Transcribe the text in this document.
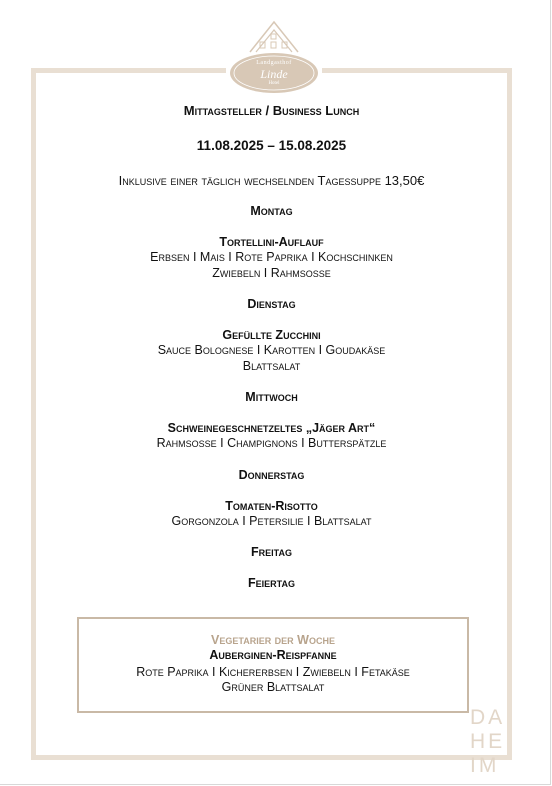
Landgasthof
Linde
Hotel
Mittagsteller / Business Lunch
11.08.2025 – 15.08.2025
Inklusive einer täglich wechselnden Tagessuppe 13,50€
Montag
Tortellini-Auflauf
Erbsen I Mais I Rote Paprika I Kochschinken
Zwiebeln I Rahmsoße
Dienstag
Gefüllte Zucchini
Sauce Bolognese I Karotten I Goudakäse
Blattsalat
Mittwoch
Schweinegeschnetzeltes „Jäger Art“
Rahmsoße I Champignons I Butterspätzle
Donnerstag
Tomaten-Risotto
Gorgonzola I Petersilie I Blattsalat
Freitag
Feiertag
Vegetarier der Woche
Auberginen-Reispfanne
Rote Paprika I Kichererbsen I Zwiebeln I Fetakäse
Grüner Blattsalat
DA
HE
IM
